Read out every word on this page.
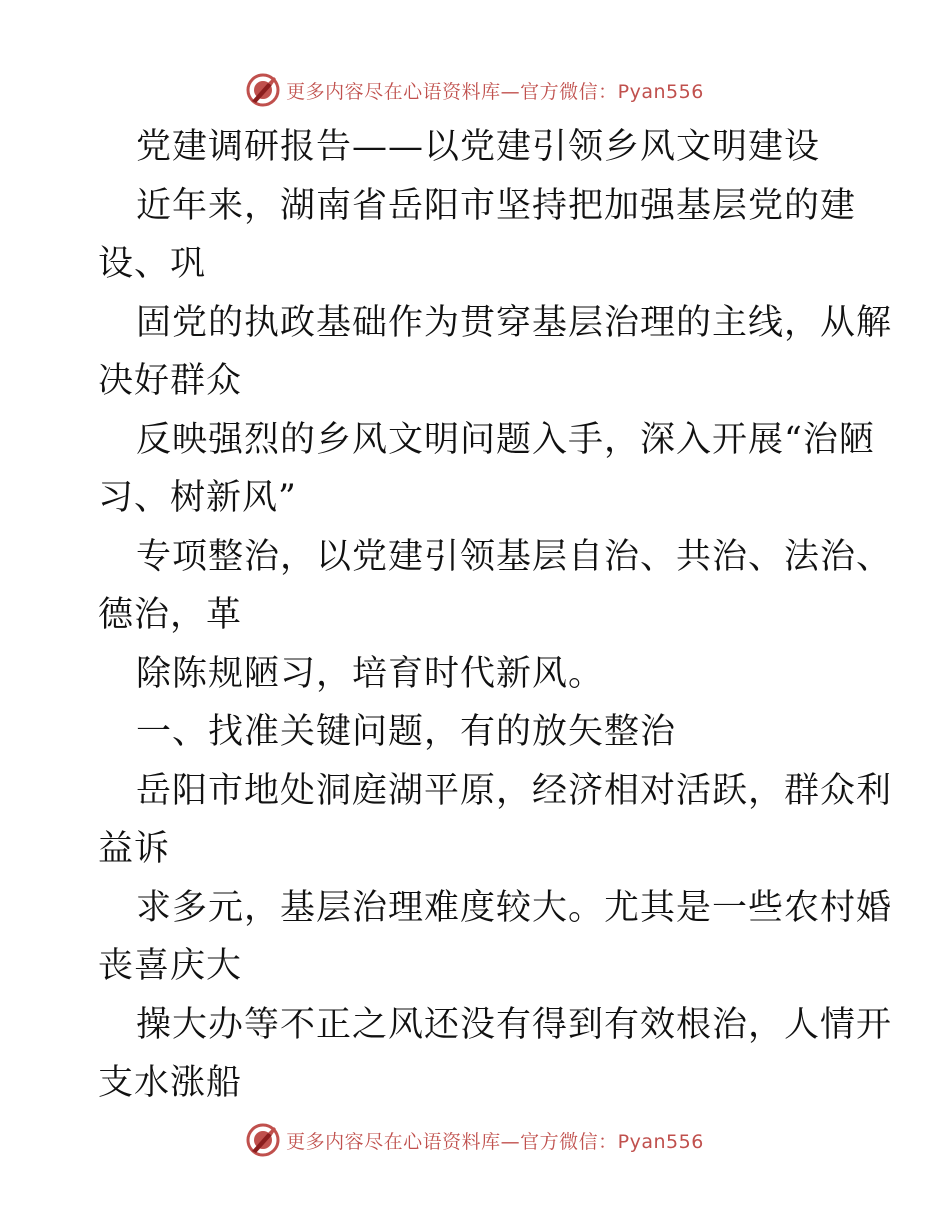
更多内容尽在心语资料库—官方微信：Pyan556
党建调研报告——以党建引领乡风文明建设
近年来，湖南省岳阳市坚持把加强基层党的建
设、巩
固党的执政基础作为贯穿基层治理的主线，从解
决好群众
反映强烈的乡风文明问题入手，深入开展“治陋
习、树新风”
专项整治，以党建引领基层自治、共治、法治、
德治，革
除陈规陋习，培育时代新风。
一、找准关键问题，有的放矢整治
岳阳市地处洞庭湖平原，经济相对活跃，群众利
益诉
求多元，基层治理难度较大。尤其是一些农村婚
丧喜庆大
操大办等不正之风还没有得到有效根治，人情开
支水涨船
更多内容尽在心语资料库—官方微信：Pyan556
